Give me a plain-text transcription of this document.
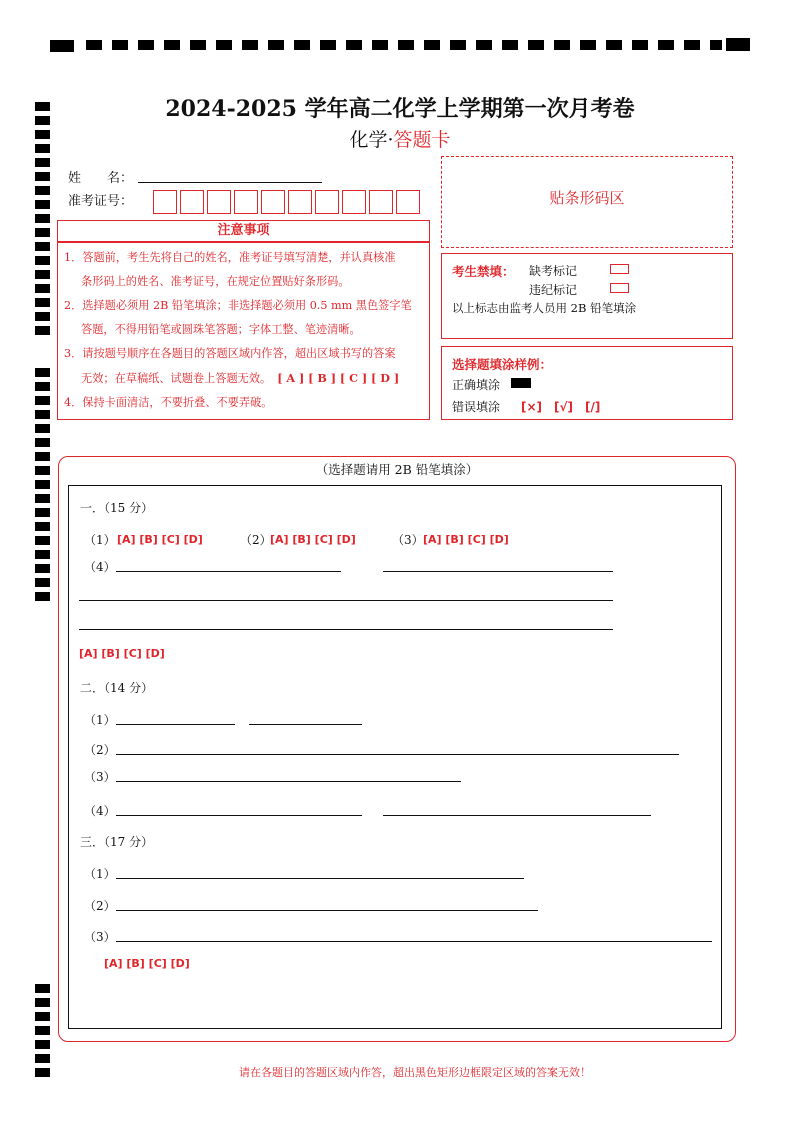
2024-2025 学年高二化学上学期第一次月考卷
化学·答题卡
姓　　名：
准考证号：	贴条形码区
注意事项

1．答题前，考生先将自己的姓名，准考证号填写清楚，并认真核准

条形码上的姓名、准考证号，在规定位置贴好条形码。

2．选择题必须用 2B 铅笔填涂；非选择题必须用 0.5 mm 黑色签字笔

答题，不得用铅笔或圆珠笔答题；字体工整、笔迹清晰。

3．请按题号顺序在各题目的答题区域内作答，超出区域书写的答案

无效；在草稿纸、试题卷上答题无效。 [ A ] [ B ] [ C ] [ D ]

4．保持卡面清洁，不要折叠、不要弄破。

考生禁填： 缺考标记
违纪标记
以上标志由监考人员用 2B 铅笔填涂
选择题填涂样例：
正确填涂
错误填涂 [×]　[√]　[/]
（选择题请用 2B 铅笔填涂）
一．（15 分）
（1） [A] [B] [C] [D]	（2）
[A] [B] [C] [D]	（3） [A] [B] [C] [D]
（4）
[A] [B] [C] [D]
二．（14 分）
（1）
（2）
（3）
（4）
三．（17 分）
（1）
（2）
（3）
[A] [B] [C] [D]
请在各题目的答题区域内作答，超出黑色矩形边框限定区域的答案无效！
